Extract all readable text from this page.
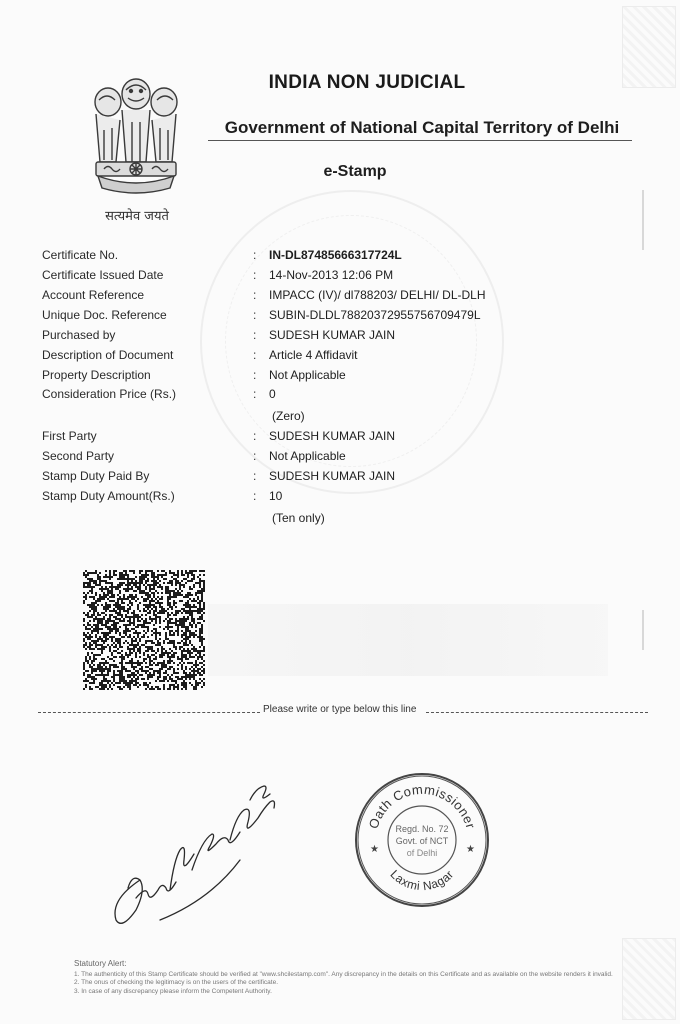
सत्यमेव जयते
INDIA NON JUDICIAL
Government of National Capital Territory of Delhi
e-Stamp
Certificate No.	: IN-DL87485666317724L
Certificate Issued Date	: 14-Nov-2013 12:06 PM
Account Reference	: IMPACC (IV)/ dl788203/ DELHI/ DL-DLH
Unique Doc. Reference	: SUBIN-DLDL78820372955756709479L
Purchased by	: SUDESH KUMAR JAIN
Description of Document	: Article 4 Affidavit
Property Description	: Not Applicable
Consideration Price (Rs.)	: 0
(Zero)
First Party	: SUDESH KUMAR JAIN
Second Party	: Not Applicable
Stamp Duty Paid By	: SUDESH KUMAR JAIN
Stamp Duty Amount(Rs.)	: 10
(Ten only)
Please write or type below this line
Oath Commissioner
Laxmi Nagar
Regd. No. 72
Govt. of NCT
of Delhi
★	★
Statutory Alert:
1. The authenticity of this Stamp Certificate should be verified at "www.shcilestamp.com". Any discrepancy in the details on this Certificate and as available on the website renders it invalid.
2. The onus of checking the legitimacy is on the users of the certificate.
3. In case of any discrepancy please inform the Competent Authority.
